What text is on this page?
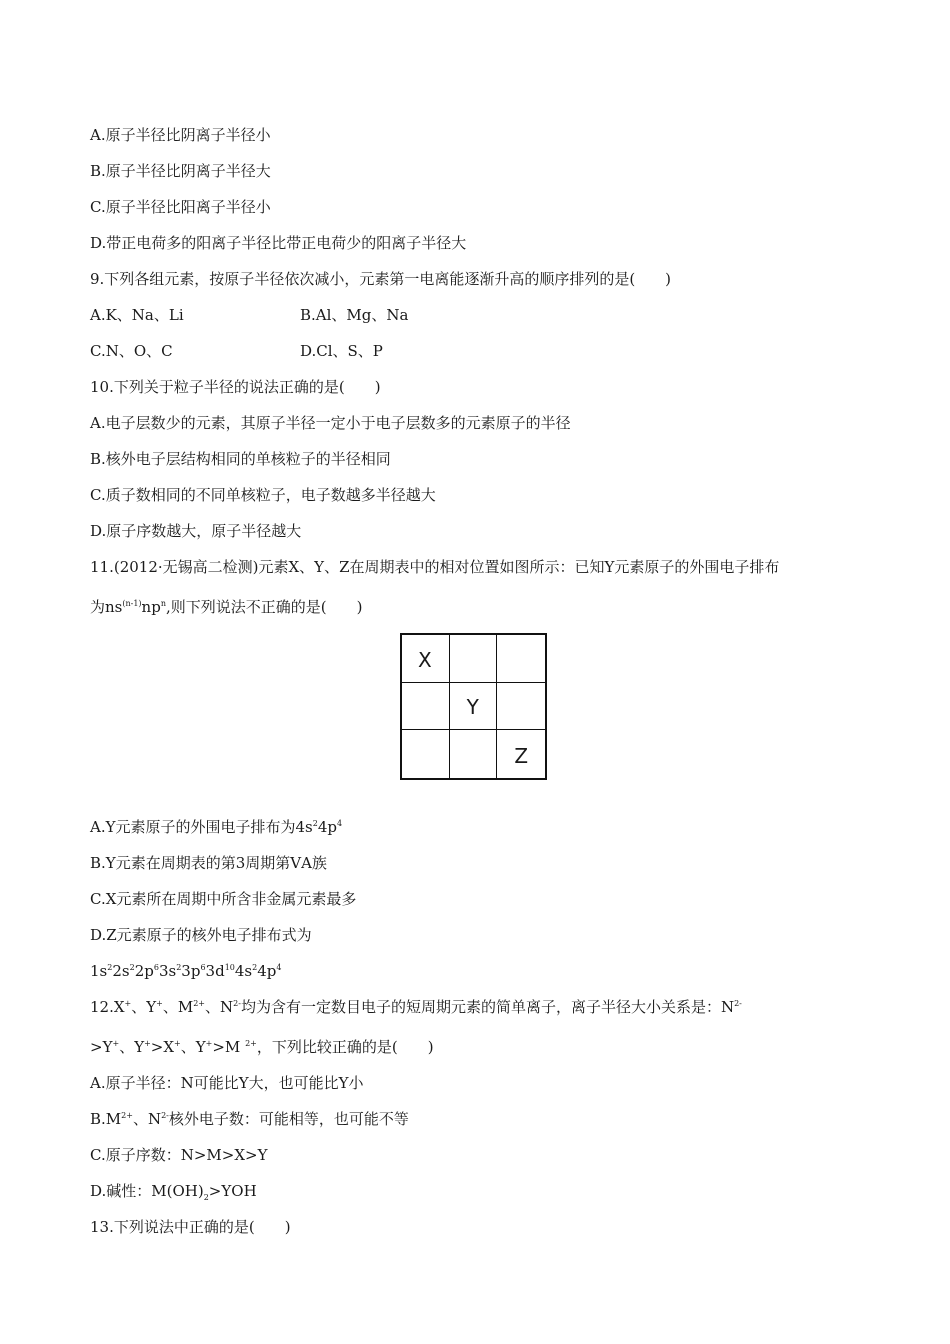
A.原子半径比阴离子半径小
B.原子半径比阴离子半径大
C.原子半径比阳离子半径小
D.带正电荷多的阳离子半径比带正电荷少的阳离子半径大
9.下列各组元素，按原子半径依次减小，元素第一电离能逐渐升高的顺序排列的是(　　)
A.K、Na、Li	B.Al、Mg、Na
C.N、O、C	D.Cl、S、P
10.下列关于粒子半径的说法正确的是(　　)
A.电子层数少的元素，其原子半径一定小于电子层数多的元素原子的半径
B.核外电子层结构相同的单核粒子的半径相同
C.质子数相同的不同单核粒子，电子数越多半径越大
D.原子序数越大，原子半径越大
11.(2012·无锡高二检测)元素X、Y、Z在周期表中的相对位置如图所示：已知Y元素原子的外围电子排布
为$ns^{(n-1)}np^n$,则下列说法不正确的是(　　)
X
Y
Z
A.Y元素原子的外围电子排布为$4s^24p^4$
B.Y元素在周期表的第3周期第ⅤA族
C.X元素所在周期中所含非金属元素最多
D.Z元素原子的核外电子排布式为
$1s^22s^22p^63s^23p^63d^{10}4s^24p^4$
12.X+、Y+、$M^{2+}$、$N^{2-}$均为含有一定数目电子的短周期元素的简单离子，离子半径大小关系是：$N^{2-}$
>Y+、Y+>X+、Y+>M $^{2+}$，下列比较正确的是(　　)
A.原子半径：N可能比Y大，也可能比Y小
$B.M^{2+}$、$N^{2-}$核外电子数：可能相等，也可能不等
C.原子序数：N>M>X>Y
D.碱性：$M(OH)_2>YOH$
13.下列说法中正确的是(　　)
